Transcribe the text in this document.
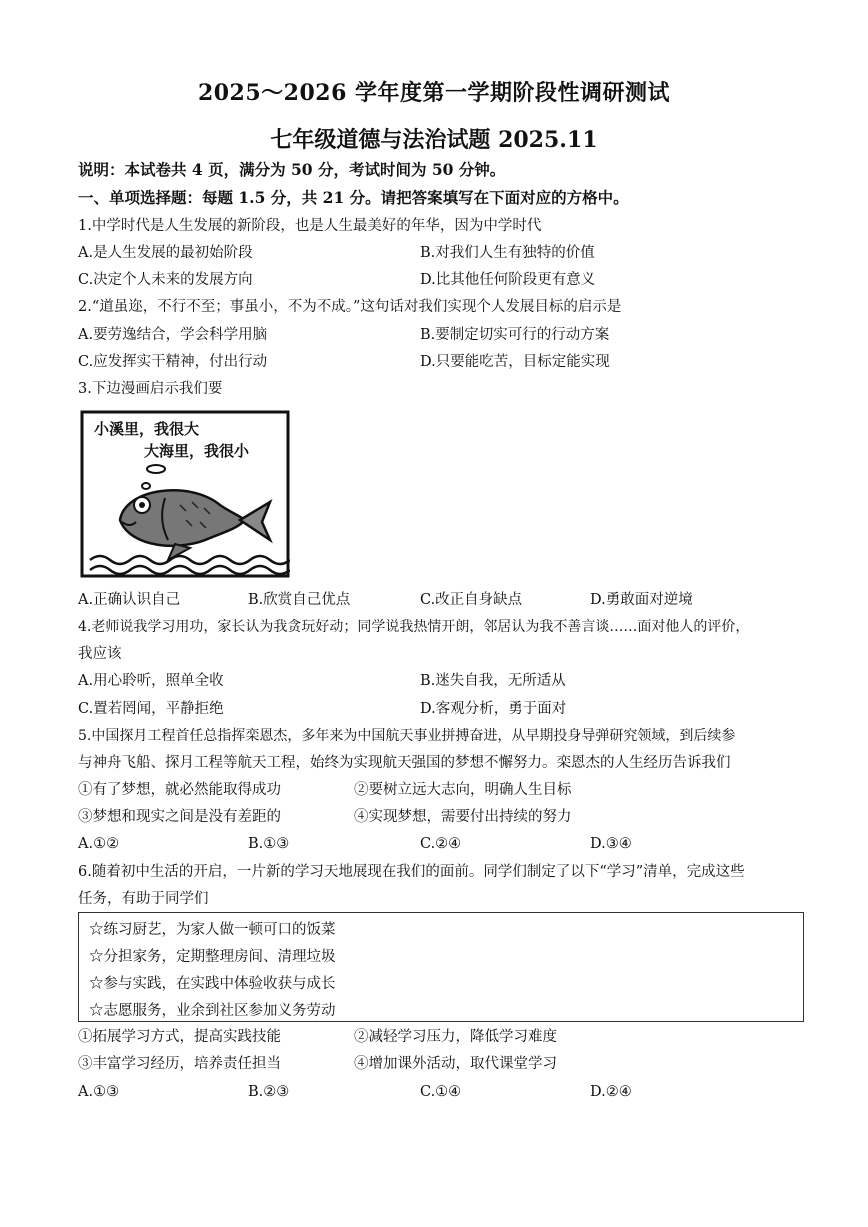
2025～2026 学年度第一学期阶段性调研测试
七年级道德与法治试题 2025.11
说明：本试卷共 4 页，满分为 50 分，考试时间为 50 分钟。
一、单项选择题：每题 1.5 分，共 21 分。请把答案填写在下面对应的方格中。
1.中学时代是人生发展的新阶段，也是人生最美好的年华，因为中学时代
A.是人生发展的最初始阶段	B.对我们人生有独特的价值
C.决定个人未来的发展方向	D.比其他任何阶段更有意义
2.“道虽迩，不行不至；事虽小，不为不成。”这句话对我们实现个人发展目标的启示是
A.要劳逸结合，学会科学用脑	B.要制定切实可行的行动方案
C.应发挥实干精神，付出行动	D.只要能吃苦，目标定能实现
3.下边漫画启示我们要
小溪里，我很大
大海里，我很小
A.正确认识自己	B.欣赏自己优点	C.改正自身缺点	D.勇敢面对逆境
4.老师说我学习用功，家长认为我贪玩好动；同学说我热情开朗，邻居认为我不善言谈……面对他人的评价，
我应该
A.用心聆听，照单全收	B.迷失自我，无所适从
C.置若罔闻，平静拒绝	D.客观分析，勇于面对
5.中国探月工程首任总指挥栾恩杰，多年来为中国航天事业拼搏奋进，从早期投身导弹研究领域，到后续参
与神舟飞船、探月工程等航天工程，始终为实现航天强国的梦想不懈努力。栾恩杰的人生经历告诉我们
①有了梦想，就必然能取得成功	②要树立远大志向，明确人生目标
③梦想和现实之间是没有差距的	④实现梦想，需要付出持续的努力
A.①②	B.①③	C.②④	D.③④
6.随着初中生活的开启，一片新的学习天地展现在我们的面前。同学们制定了以下“学习”清单，完成这些
任务，有助于同学们
☆练习厨艺，为家人做一顿可口的饭菜
☆分担家务，定期整理房间、清理垃圾
☆参与实践，在实践中体验收获与成长
☆志愿服务，业余到社区参加义务劳动
①拓展学习方式，提高实践技能	②减轻学习压力，降低学习难度
③丰富学习经历，培养责任担当	④增加课外活动，取代课堂学习
A.①③	B.②③	C.①④	D.②④
